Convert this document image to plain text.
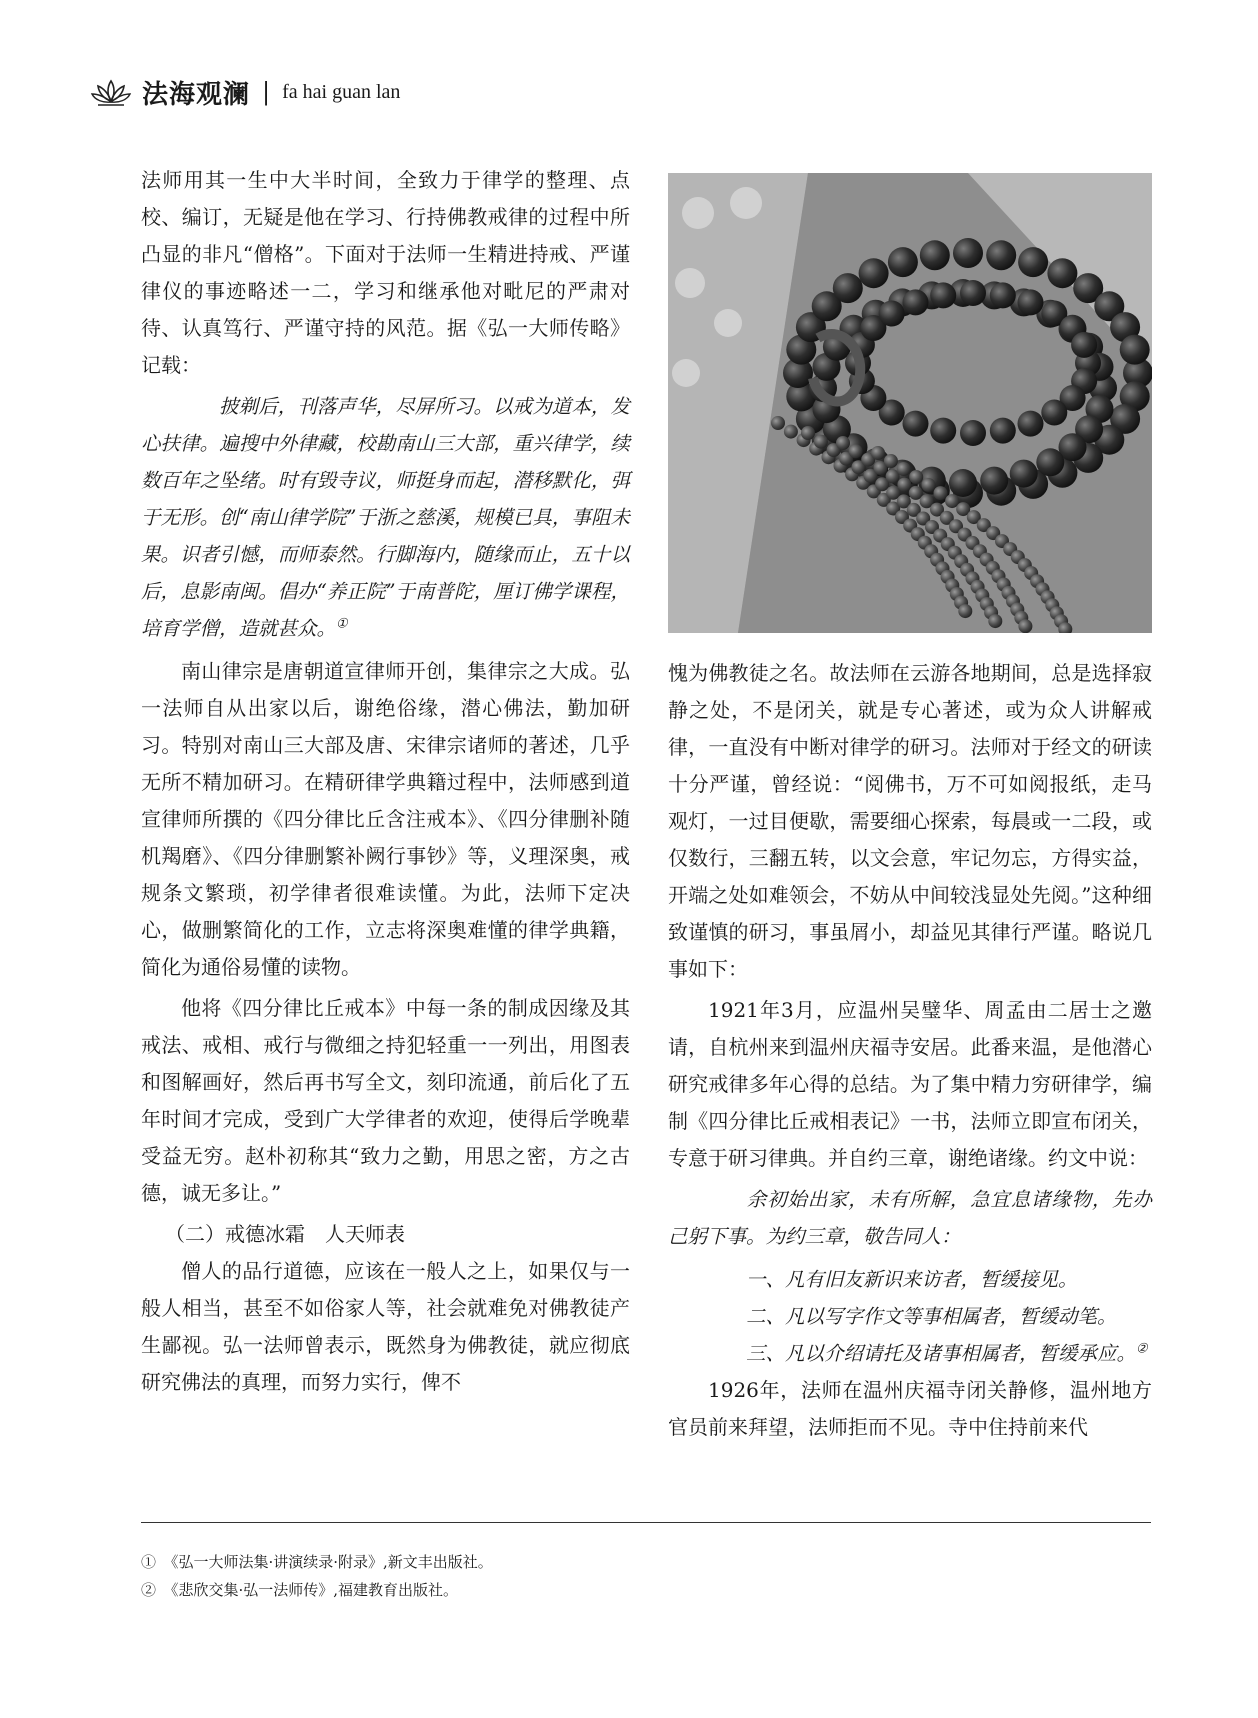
法海观澜 | fa hai guan lan

法师用其一生中大半时间，全致力于律学的整理、点校、编订，无疑是他在学习、行持佛教戒律的过程中所凸显的非凡“僧格”。下面对于法师一生精进持戒、严谨律仪的事迹略述一二，学习和继承他对毗尼的严肃对待、认真笃行、严谨守持的风范。据《弘一大师传略》记载：

披剃后，刊落声华，尽屏所习。以戒为道本，发心扶律。遍搜中外律藏，校勘南山三大部，重兴律学，续数百年之坠绪。时有毁寺议，师挺身而起，潜移默化，弭于无形。创“南山律学院”于浙之慈溪，规模已具，事阻未果。识者引憾，而师泰然。行脚海内，随缘而止，五十以后，息影南闽。倡办“养正院”于南普陀，厘订佛学课程，培育学僧，造就甚众。①

南山律宗是唐朝道宣律师开创，集律宗之大成。弘一法师自从出家以后，谢绝俗缘，潜心佛法，勤加研习。特别对南山三大部及唐、宋律宗诸师的著述，几乎无所不精加研习。在精研律学典籍过程中，法师感到道宣律师所撰的《四分律比丘含注戒本》、《四分律删补随机羯磨》、《四分律删繁补阙行事钞》等，义理深奥，戒规条文繁琐，初学律者很难读懂。为此，法师下定决心，做删繁简化的工作，立志将深奥难懂的律学典籍，简化为通俗易懂的读物。

他将《四分律比丘戒本》中每一条的制成因缘及其戒法、戒相、戒行与微细之持犯轻重一一列出，用图表和图解画好，然后再书写全文，刻印流通，前后化了五年时间才完成，受到广大学律者的欢迎，使得后学晚辈受益无穷。赵朴初称其“致力之勤，用思之密，方之古德，诚无多让。”

（二）戒德冰霜　人天师表

僧人的品行道德，应该在一般人之上，如果仅与一般人相当，甚至不如俗家人等，社会就难免对佛教徒产生鄙视。弘一法师曾表示，既然身为佛教徒，就应彻底研究佛法的真理，而努力实行，俾不

愧为佛教徒之名。故法师在云游各地期间，总是选择寂静之处，不是闭关，就是专心著述，或为众人讲解戒律，一直没有中断对律学的研习。法师对于经文的研读十分严谨，曾经说：“阅佛书，万不可如阅报纸，走马观灯，一过目便歇，需要细心探索，每晨或一二段，或仅数行，三翻五转，以文会意，牢记勿忘，方得实益，开端之处如难领会，不妨从中间较浅显处先阅。”这种细致谨慎的研习，事虽屑小，却益见其律行严谨。略说几事如下：

1921年3月，应温州吴璧华、周孟由二居士之邀请，自杭州来到温州庆福寺安居。此番来温，是他潜心研究戒律多年心得的总结。为了集中精力穷研律学，编制《四分律比丘戒相表记》一书，法师立即宣布闭关，专意于研习律典。并自约三章，谢绝诸缘。约文中说：

余初始出家，未有所解，急宜息诸缘物，先办己躬下事。为约三章，敬告同人：

一、凡有旧友新识来访者，暂缓接见。

二、凡以写字作文等事相属者，暂缓动笔。

三、凡以介绍请托及诸事相属者，暂缓承应。②

1926年，法师在温州庆福寺闭关静修，温州地方官员前来拜望，法师拒而不见。寺中住持前来代

①　《弘一大师法集·讲演续录·附录》,新文丰出版社。
②　《悲欣交集·弘一法师传》,福建教育出版社。
